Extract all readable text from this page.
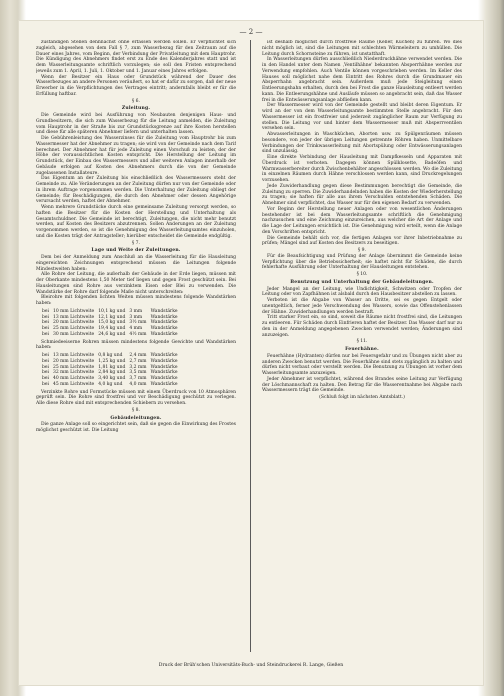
— 2 —

zuständigen Stellen dennnächst ohne erfassen werden sollen. Er verpflichtet sich zugleich, abgesehen von dem Fall § 7, zum Wasserbezug für den Zeitraum auf die Dauer eines Jahres, vom Beginn, der Verbindung der Privatleitung mit dem Hauptrohr. Die Kündigung des Abnehmers findet erst zu Ende des Kalenderjahres statt und ist dem Wasserleitungsamte schriftlich vorzulegen; sie soll den Fristen entsprechend jeweils zum 1. April, 1. Juli, 1. Oktober und 1. Januar eines Jahres erfolgen.

Wenn der Besitzer ein Haus oder Grundstück während der Dauer des Wasserbezuges an andere Personen veräußert, so hat er dafür zu sorgen, daß der neue Erwerber in die Verpflichtungen des Vertrages eintritt; andernfalls bleibt er für die Erfüllung haftbar.

§ 6.

Zuleitung.

Die Gemeinde wird bei Ausführung von Neubauten denjenigen Haus- und Grundbesitzern, die sich zum Wasserbezug für die Leitung anmelden, die Zuleitung vom Hauptrohr in der Straße bis zur Grundstücksgrenze auf ihre Kosten herstellen und diese für alle späteren Abnehmer liefern und unterhalten lassen.

Die Gebührenleistung des Wasserzinses für die Zuleitung vom Hauptrohr bis zum Wassermesser hat der Abnehmer zu tragen; sie wird von der Gemeinde nach dem Tarif berechnet. Der Abnehmer hat für jede Zuleitung einen Vorschuß zu leisten, der der Höhe der voraussichtlichen Kosten entspricht. Die Herstellung der Leitung im Grundstück, der Einbau des Wassermessers und aller weiteren Anlagen innerhalb der Gebäude erfolgen auf Kosten des Abnehmers durch die von der Gemeinde zugelassenen Installateure.

Das Eigentum an der Zuleitung bis einschließlich des Wassermessers steht der Gemeinde zu. Alle Veränderungen an der Zuleitung dürfen nur von der Gemeinde oder in ihrem Auftrage vorgenommen werden. Die Unterhaltung der Zuleitung obliegt der Gemeinde; für Beschädigungen, die durch den Abnehmer oder dessen Angehörige verursacht werden, haftet der Abnehmer.

Wenn mehrere Grundstücke durch eine gemeinsame Zuleitung versorgt werden, so haften die Besitzer für die Kosten der Herstellung und Unterhaltung als Gesamtschuldner. Die Gemeinde ist berechtigt, Zuleitungen, die nicht mehr benutzt werden, auf Kosten des Besitzers abzutrennen. Sollen Änderungen an der Zuleitung vorgenommen werden, so ist die Genehmigung des Wasserleitungsamtes einzuholen, und die Kosten trägt der Antragsteller; hierüber entscheidet die Gemeinde endgültig.

§ 7.

Lage und Weite der Zuleitungen.

Dem bei der Anmeldung zum Anschluß an die Wasserleitung für die Hausleitung eingereichten Zeichnungen entsprechend müssen die Leitungen folgende Mindestweiten haben:

Alle Rohre der Leitung, die außerhalb der Gebäude in der Erde liegen, müssen mit der Oberkante mindestens 1,50 Meter tief liegen und gegen Frost geschützt sein. Bei Hausleitungen sind Rohre aus verzinktem Eisen oder Blei zu verwenden. Die Wandstärke der Rohre darf folgende Maße nicht unterschreiten:

Bleirohre mit folgenden lichten Weiten müssen mindestens folgende Wandstärken haben:

bei	10 mm Lichtweite	10,1 kg und	3 mm	Wandstärke
bei	13 mm Lichtweite	12,1 kg und	3 mm	Wandstärke
bei	20 mm Lichtweite	15,0 kg und	3½ mm	Wandstärke
bei	25 mm Lichtweite	19,4 kg und	4 mm	Wandstärke
bei	30 mm Lichtweite	24,6 kg und	4½ mm	Wandstärke

Schmiedeeiserne Rohren müssen mindestens folgende Gewichte und Wandstärken haben:

bei	13 mm Lichtweite	0,8 kg und	2,4 mm	Wandstärke
bei	20 mm Lichtweite	1,25 kg und	2,7 mm	Wandstärke
bei	25 mm Lichtweite	1,81 kg und	3,2 mm	Wandstärke
bei	32 mm Lichtweite	2,84 kg und	3,5 mm	Wandstärke
bei	40 mm Lichtweite	3,40 kg und	3,7 mm	Wandstärke
bei	45 mm Lichtweite	4,0 kg und	4,0 mm	Wandstärke

Verzinkte Rohre und Formstücke müssen mit einem Überdruck von 10 Atmosphären geprüft sein. Die Rohre sind frostfrei und vor Beschädigung geschützt zu verlegen. Alle diese Rohre sind mit entsprechenden Schiebern zu versehen.

§ 8.

Gebäudeleitungen.

Die ganze Anlage soll so eingerichtet sein, daß sie gegen die Einwirkung des Frostes möglichst geschützt ist. Die Leitung

ist deshalb möglichst durch frostfreie Räume (Keller, Küchen) zu führen. Wo dies nicht möglich ist, sind die Leitungen mit schlechten Wärmeleitern zu umhüllen. Die Leitung durch Schornsteine zu führen, ist unstatthaft.

In Wasserleitungen dürfen ausschließlich Niederdruckhähne verwendet werden. Die in den Handel unter dem Namen ‚Ventilhähne' bekannten Absperrhähne werden zur Verwendung empfohlen. Auch Ventile können vorgeschrieben werden. Im Keller des Hauses soll möglichst nahe dem Eintritt des Rohres durch die Grundmauer ein Absperrhahn angebracht sein. Außerdem muß jede Steigleitung einen Entleerungshahn erhalten, durch den bei Frost die ganze Hausleitung entleert werden kann. Die Entleerungshähne und Ausläufe müssen so angebracht sein, daß das Wasser frei in die Entwässerungsanlage abfließen kann.

Der Wassermesser wird von der Gemeinde gestellt und bleibt deren Eigentum. Er wird an der von dem Wasserleitungsamte bestimmten Stelle angebracht. Für den Wassermesser ist ein frostfreier und jederzeit zugänglicher Raum zur Verfügung zu stellen. Die Leitung vor und hinter dem Wassermesser muß mit Absperrventilen versehen sein.

Abwasserleitungen in Waschküchen, Aborten usw. zu Spülgenräumen müssen besondere, von jeder der übrigen Leitungen getrennte Röhren haben. Unmittelbare Verbindungen der Trinkwasserleitung mit Abortspülung oder Entwässerungsanlagen sind unzulässig.

Eine direkte Verbindung der Hausleitung mit Dampfkesseln und Apparaten mit Überdruck ist verboten. Dagegen können Spülklosette, Badeöfen und Warmwasserbereiter durch Zwischenbehälter angeschlossen werden. Wo die Zuleitung in einzelnen Räumen durch Hähne verschlossen werden kann, sind Druckregelungen vorzusehen.

Jede Zuwiderhandlung gegen diese Bestimmungen berechtigt die Gemeinde, die Zuleitung zu sperren. Die Zuwiderhandelnden haben die Kosten der Wiederherstellung zu tragen; sie haften für alle aus ihrem Verschulden entstehenden Schäden. Die Abnehmer sind verpflichtet, das Wasser nur für den eigenen Bedarf zu verwenden.

Vor Beginn der Herstellung neuer Anlagen oder von wesentlichen Änderungen bestehender ist bei dem Wasserleitungsamte schriftlich die Genehmigung nachzusuchen und eine Zeichnung einzureichen, aus welcher die Art der Anlage und die Lage der Leitungen ersichtlich ist. Die Genehmigung wird erteilt, wenn die Anlage den Vorschriften entspricht.

Die Gemeinde behält sich vor, die fertigen Anlagen vor ihrer Inbetriebnahme zu prüfen; Mängel sind auf Kosten des Besitzers zu beseitigen.

§ 9.

Für die Beaufsichtigung und Prüfung der Anlage übernimmt die Gemeinde keine Verpflichtung über die Betriebssicherheit; sie haftet nicht für Schäden, die durch fehlerhafte Ausführung oder Unterhaltung der Hausleitungen entstehen.

§ 10.

Benutzung und Unterhaltung der Gebäudeleitungen.

Jeder Mangel an der Leitung, wie Undichtigkeit, Schwitzen oder Tropfen der Leitung oder von Zapfhähnen ist alsbald durch den Hausbesitzer abstellen zu lassen.

Verboten ist die Abgabe von Wasser an Dritte, sei es gegen Entgelt oder unentgeltlich, ferner jede Verschwendung des Wassers, sowie das Offenstehenlassen der Hähne. Zuwiderhandlungen werden bestraft.

Tritt starker Frost ein, so sind, soweit die Räume nicht frostfrei sind, die Leitungen zu entleeren. Für Schäden durch Einfrieren haftet der Besitzer. Das Wasser darf nur zu den in der Anmeldung angegebenen Zwecken verwendet werden; Änderungen sind anzuzeigen.

§ 11.

Feuerhähne.

Feuerhähne (Hydranten) dürfen nur bei Feuersgefahr und zu Übungen nicht aber zu anderen Zwecken benutzt werden. Die Feuerhähne sind stets zugänglich zu halten und dürfen nicht verbaut oder verstellt werden. Die Benutzung zu Übungen ist vorher dem Wasserleitungsamte anzuzeigen.

Jeder Abnehmer ist verpflichtet, während des Brandes seine Leitung zur Verfügung der Löschmannschaft zu halten. Den Betrag für die Wasserentnahme bei Abgabe nach Wassermessern trägt die Gemeinde.

(Schluß folgt im nächsten Amtsblatt.)

Druck der Brüh'schen Universitäts-Buch- und Steindruckerei R. Lange, Gießen
